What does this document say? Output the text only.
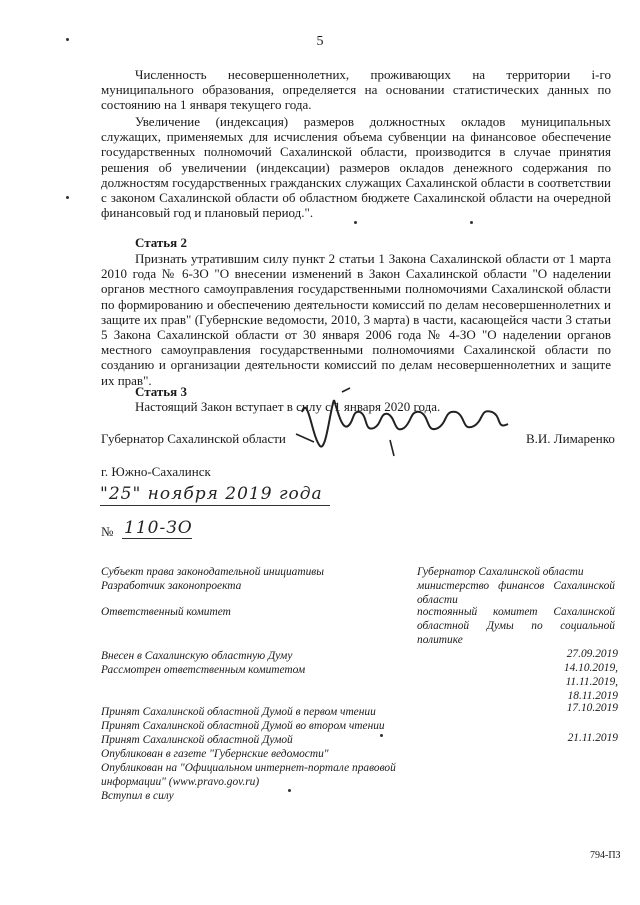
5
Численность несовершеннолетних, проживающих на территории i-го муниципального образования, определяется на основании статистических данных по состоянию на 1 января текущего года.
Увеличение (индексация) размеров должностных окладов муниципальных служащих, применяемых для исчисления объема субвенции на финансовое обеспечение государственных полномочий Сахалинской области, производится в случае принятия решения об увеличении (индексации) размеров окладов денежного содержания по должностям государственных гражданских служащих Сахалинской области в соответствии с законом Сахалинской области об областном бюджете Сахалинской области на очередной финансовый год и плановый период.".
Статья 2
Признать утратившим силу пункт 2 статьи 1 Закона Сахалинской области от 1 марта 2010 года № 6-ЗО "О внесении изменений в Закон Сахалинской области "О наделении органов местного самоуправления государственными полномочиями Сахалинской области по формированию и обеспечению деятельности комиссий по делам несовершеннолетних и защите их прав" (Губернские ведомости, 2010, 3 марта) в части, касающейся части 3 статьи 5 Закона Сахалинской области от 30 января 2006 года № 4-ЗО "О наделении органов местного самоуправления государственными полномочиями Сахалинской области по созданию и организации деятельности комиссий по делам несовершеннолетних и защите их прав".
Статья 3
Настоящий Закон вступает в силу с 1 января 2020 года.
Губернатор Сахалинской области	В.И. Лимаренко
г. Южно-Сахалинск
"25" ноября 2019 года
№ 110-ЗО
Субъект права законодательной инициативы	Губернатор Сахалинской области
Разработчик законопроекта	министерство финансов Сахалинской области
Ответственный комитет	постоянный комитет Сахалинской областной Думы по социальной политике
Внесен в Сахалинскую областную Думу	27.09.2019
Рассмотрен ответственным комитетом	14.10.2019,
11.11.2019,
18.11.2019
Принят Сахалинской областной Думой в первом чтении	17.10.2019
Принят Сахалинской областной Думой во втором чтении
Принят Сахалинской областной Думой	21.11.2019
Опубликован в газете "Губернские ведомости"
Опубликован на "Официальном интернет-портале правовой информации" (www.pravo.gov.ru)
Вступил в силу
794-ПЗ
